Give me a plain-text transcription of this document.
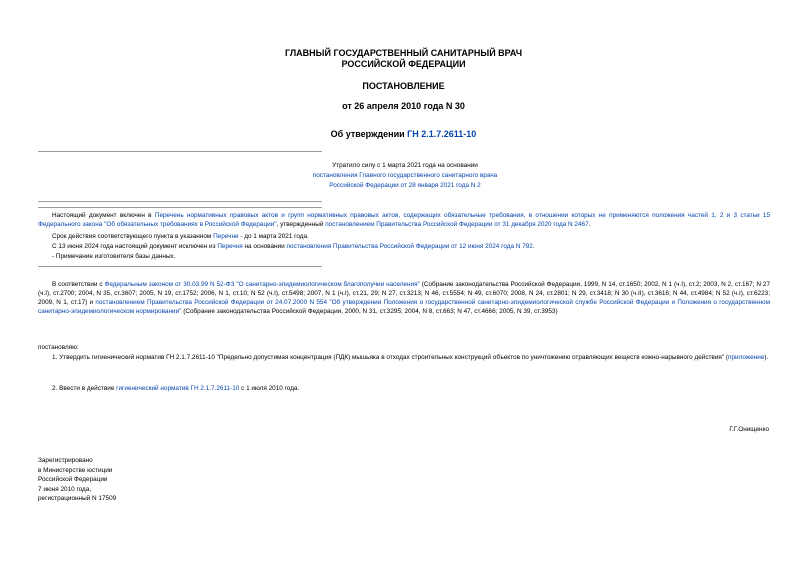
ГЛАВНЫЙ ГОСУДАРСТВЕННЫЙ САНИТАРНЫЙ ВРАЧ
РОССИЙСКОЙ ФЕДЕРАЦИИ
ПОСТАНОВЛЕНИЕ
от 26 апреля 2010 года N 30
Об утверждении ГН 2.1.7.2611-10
Утратило силу с 1 марта 2021 года на основании
постановления Главного государственного санитарного врача
Российской Федерации от 28 января 2021 года N 2
Настоящий документ включен в Перечень нормативных правовых актов и групп нормативных правовых актов, содержащих обязательные требования, в отношении которых не применяются положения частей 1, 2 и 3 статьи 15 Федерального закона "Об обязательных требованиях в Российской Федерации", утвержденный постановлением Правительства Российской Федерации от 31 декабря 2020 года N 2467.
Срок действия соответствующего пункта в указанном Перечне - до 1 марта 2021 года.
С 13 июня 2024 года настоящий документ исключен из Перечня на основании постановления Правительства Российской Федерации от 12 июня 2024 года N 792.
- Примечание изготовителя базы данных.
В соответствии с Федеральным законом от 30.03.99 N 52-ФЗ "О санитарно-эпидемиологическом благополучии населения" (Собрание законодательства Российской Федерации, 1999, N 14, ст.1650; 2002, N 1 (ч.I), ст.2; 2003, N 2, ст.167; N 27 (ч.I), ст.2700; 2004, N 35, ст.3607; 2005, N 19, ст.1752; 2006, N 1, ст.10; N 52 (ч.I), ст.5498; 2007, N 1 (ч.I), ст.21, 29; N 27, ст.3213; N 46, ст.5554; N 49, ст.6070; 2008, N 24, ст.2801; N 29, ст.3418; N 30 (ч.II), ст.3616; N 44, ст.4984; N 52 (ч.I), ст.6223; 2009, N 1, ст.17) и постановлением Правительства Российской Федерации от 24.07.2000 N 554 "Об утверждении Положения о государственной санитарно-эпидемиологической службе Российской Федерации и Положения о государственном санитарно-эпидемиологическом нормировании" (Собрание законодательства Российской Федерации, 2000, N 31, ст.3295; 2004, N 8, ст.663; N 47, ст.4666; 2005, N 39, ст.3953)
постановляю:
1. Утвердить гигиенический норматив ГН 2.1.7.2611-10 "Предельно допустимая концентрация (ПДК) мышьяка в отходах строительных конструкций объектов по уничтожению отравляющих веществ кожно-нарывного действия" (приложение).
2. Ввести в действие гигиенический норматив ГН 2.1.7.2611-10 с 1 июля 2010 года.
Г.Г.Онищенко
Зарегистрировано
в Министерстве юстиции
Российской Федерации
7 июня 2010 года,
регистрационный N 17509
